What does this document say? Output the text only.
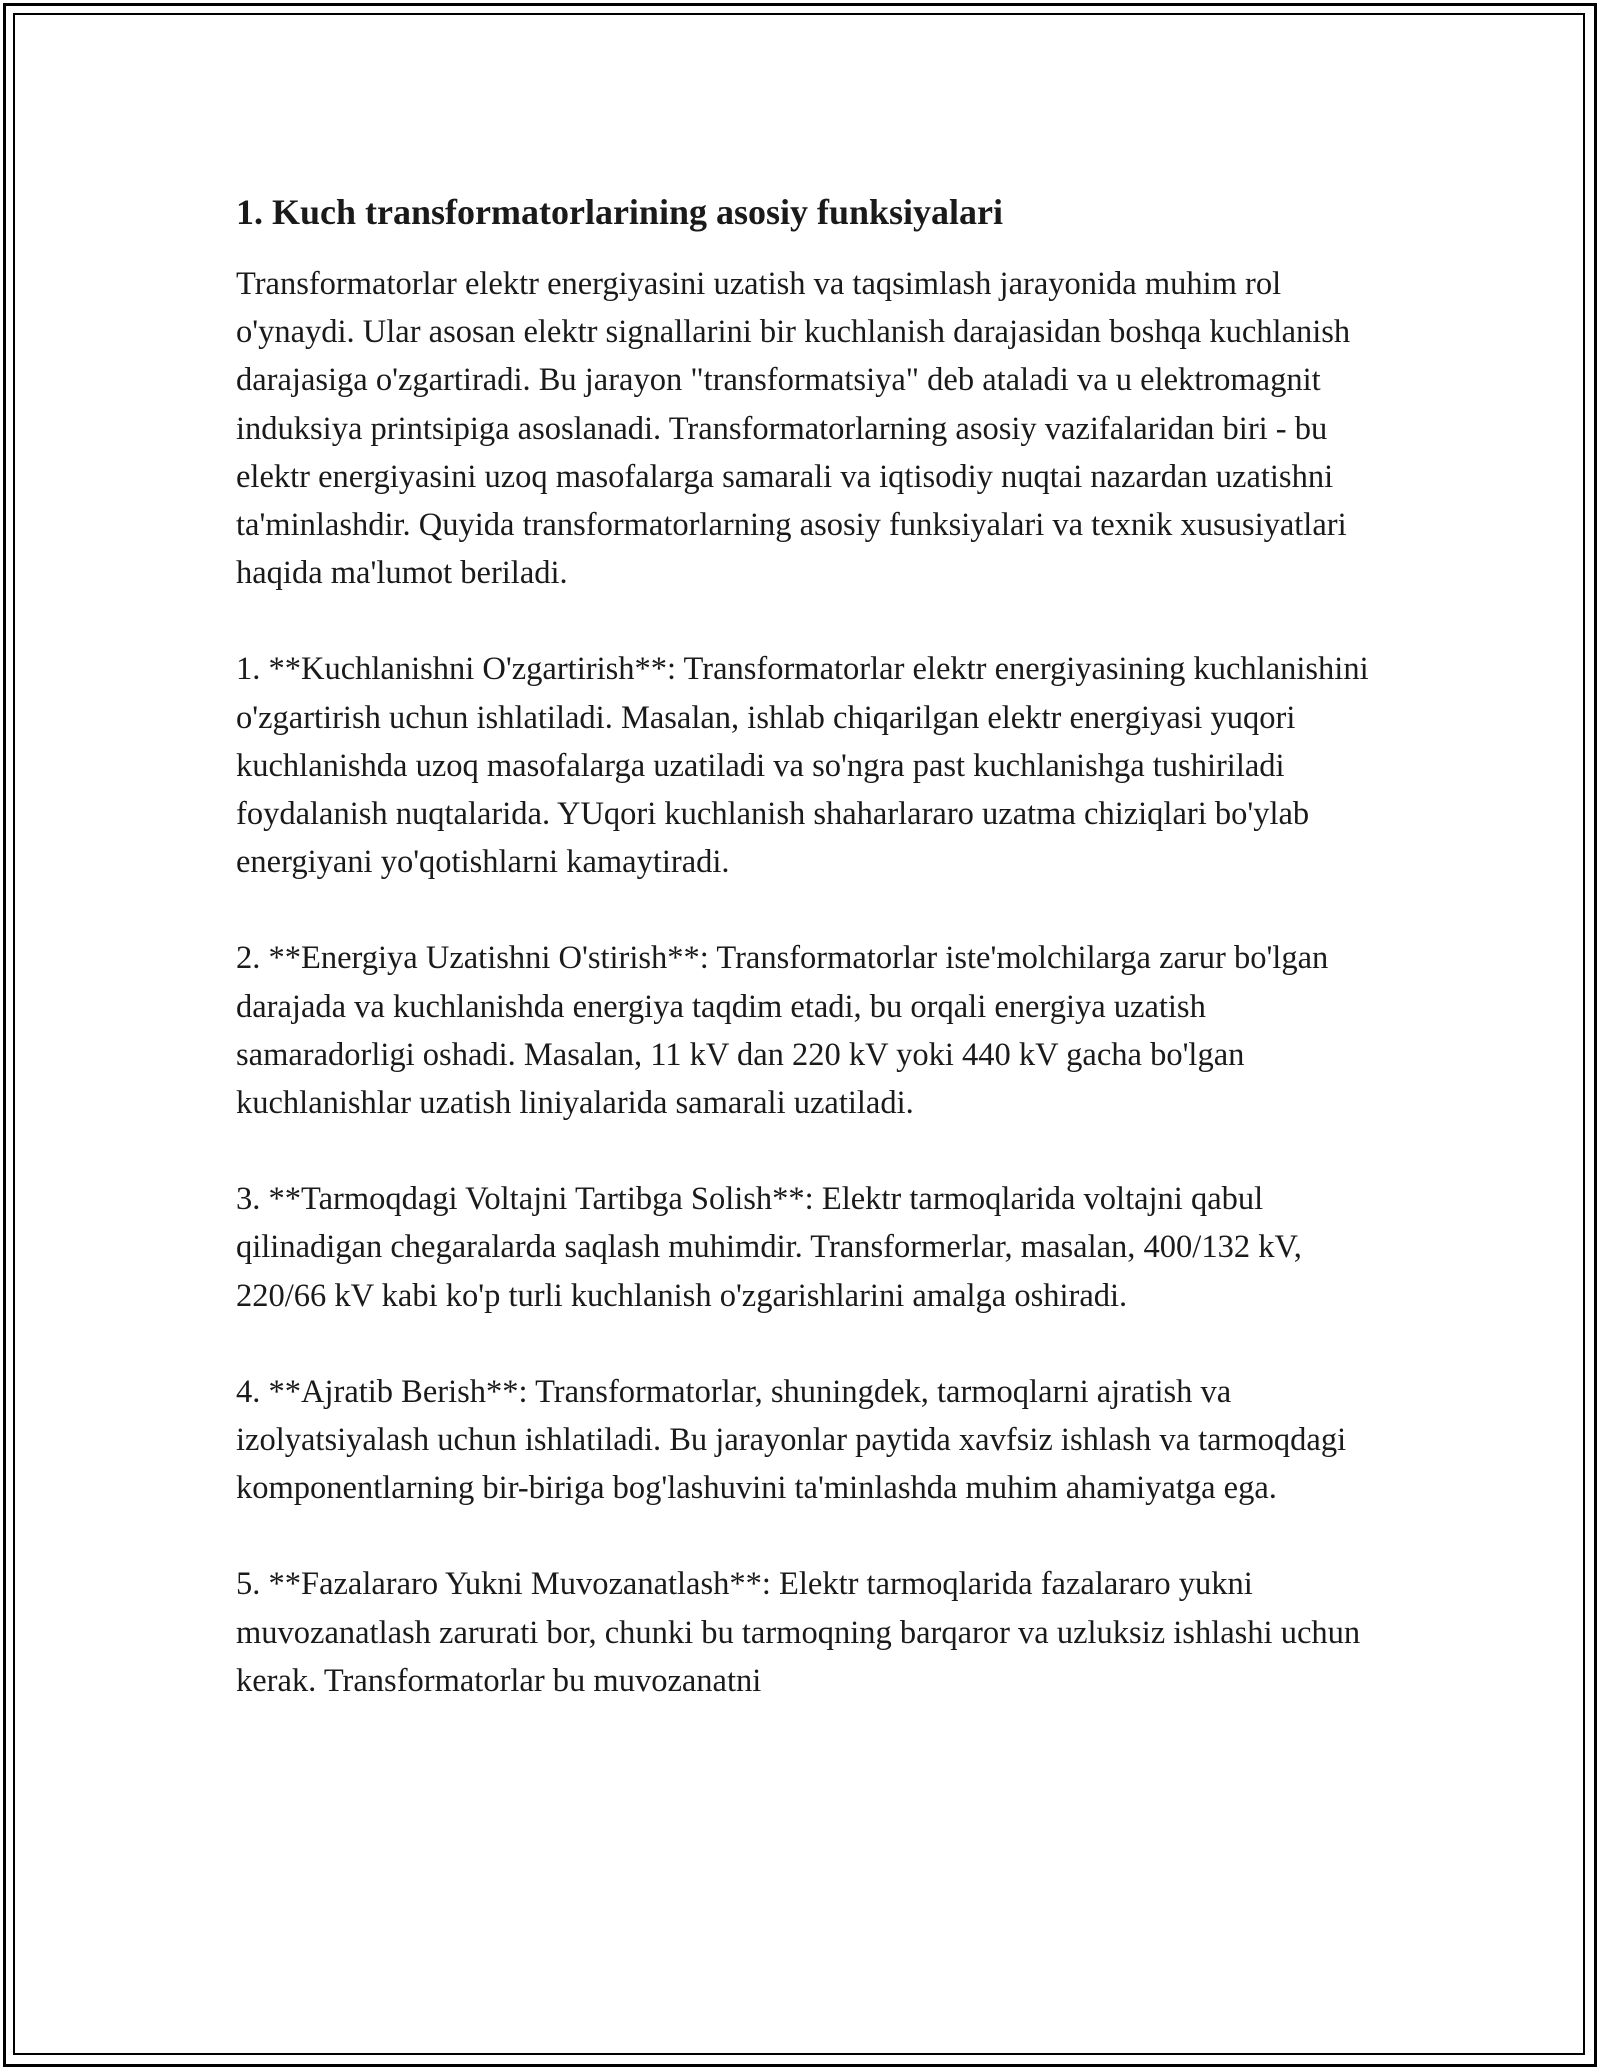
1. Kuch transformatorlarining asosiy funksiyalari

Transformatorlar elektr energiyasini uzatish va taqsimlash jarayonida muhim rol o'ynaydi. Ular asosan elektr signallarini bir kuchlanish darajasidan boshqa kuchlanish darajasiga o'zgartiradi. Bu jarayon "transformatsiya" deb ataladi va u elektromagnit induksiya printsipiga asoslanadi. Transformatorlarning asosiy vazifalaridan biri - bu elektr energiyasini uzoq masofalarga samarali va iqtisodiy nuqtai nazardan uzatishni ta'minlashdir. Quyida transformatorlarning asosiy funksiyalari va texnik xususiyatlari haqida ma'lumot beriladi.

1. **Kuchlanishni O'zgartirish**: Transformatorlar elektr energiyasining kuchlanishini o'zgartirish uchun ishlatiladi. Masalan, ishlab chiqarilgan elektr energiyasi yuqori kuchlanishda uzoq masofalarga uzatiladi va so'ngra past kuchlanishga tushiriladi foydalanish nuqtalarida. YUqori kuchlanish shaharlararo uzatma chiziqlari bo'ylab energiyani yo'qotishlarni kamaytiradi.

2. **Energiya Uzatishni O'stirish**: Transformatorlar iste'molchilarga zarur bo'lgan darajada va kuchlanishda energiya taqdim etadi, bu orqali energiya uzatish samaradorligi oshadi. Masalan, 11 kV dan 220 kV yoki 440 kV gacha bo'lgan kuchlanishlar uzatish liniyalarida samarali uzatiladi.

3. **Tarmoqdagi Voltajni Tartibga Solish**: Elektr tarmoqlarida voltajni qabul qilinadigan chegaralarda saqlash muhimdir. Transformerlar, masalan, 400/132 kV, 220/66 kV kabi ko'p turli kuchlanish o'zgarishlarini amalga oshiradi.

4. **Ajratib Berish**: Transformatorlar, shuningdek, tarmoqlarni ajratish va izolyatsiyalash uchun ishlatiladi. Bu jarayonlar paytida xavfsiz ishlash va tarmoqdagi komponentlarning bir-biriga bog'lashuvini ta'minlashda muhim ahamiyatga ega.

5. **Fazalararo Yukni Muvozanatlash**: Elektr tarmoqlarida fazalararo yukni muvozanatlash zarurati bor, chunki bu tarmoqning barqaror va uzluksiz ishlashi uchun kerak. Transformatorlar bu muvozanatni
